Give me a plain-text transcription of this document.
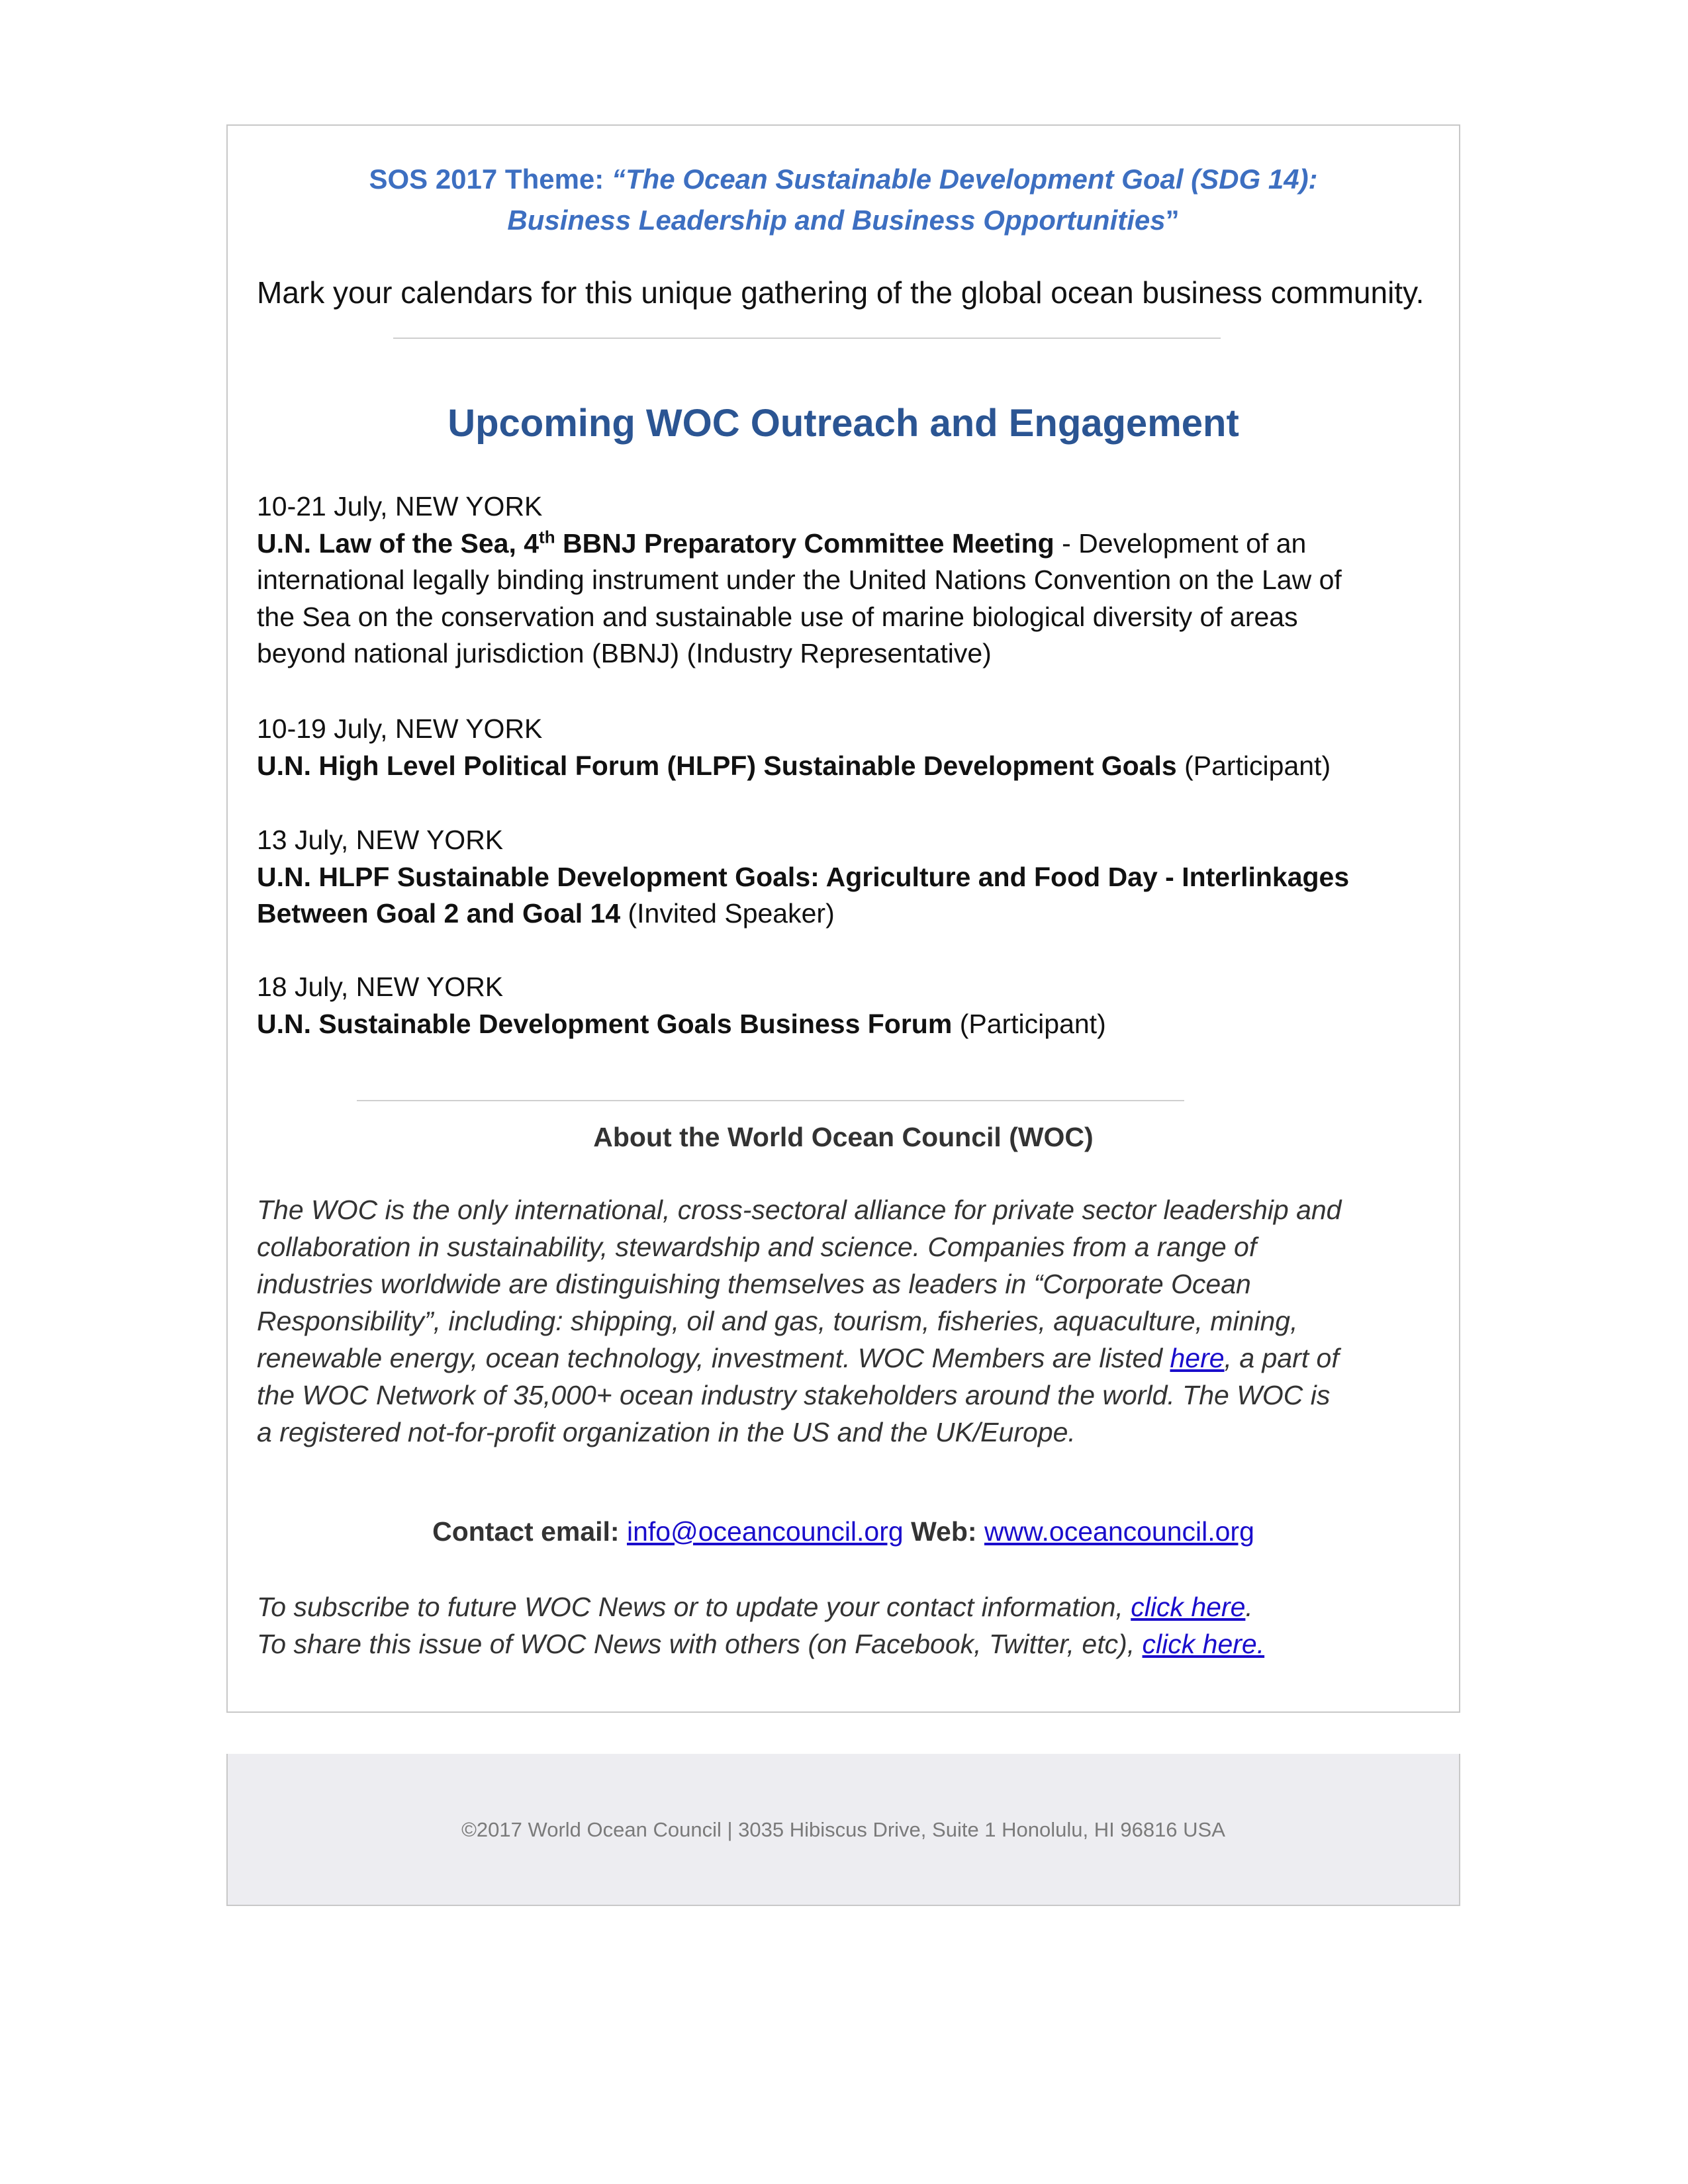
SOS 2017 Theme: “The Ocean Sustainable Development Goal (SDG 14):
Business Leadership and Business Opportunities”
Mark your calendars for this unique gathering of the global ocean business community.
Upcoming WOC Outreach and Engagement
10-21 July, NEW YORK
U.N. Law of the Sea, 4th BBNJ Preparatory Committee Meeting - Development of an international legally binding instrument under the United Nations Convention on the Law of the Sea on the conservation and sustainable use of marine biological diversity of areas beyond national jurisdiction (BBNJ) (Industry Representative)
10-19 July, NEW YORK
U.N. High Level Political Forum (HLPF) Sustainable Development Goals (Participant)
13 July, NEW YORK
U.N. HLPF Sustainable Development Goals: Agriculture and Food Day - Interlinkages Between Goal 2 and Goal 14 (Invited Speaker)
18 July, NEW YORK
U.N. Sustainable Development Goals Business Forum (Participant)
About the World Ocean Council (WOC)
The WOC is the only international, cross-sectoral alliance for private sector leadership and collaboration in sustainability, stewardship and science. Companies from a range of industries worldwide are distinguishing themselves as leaders in “Corporate Ocean Responsibility”, including: shipping, oil and gas, tourism, fisheries, aquaculture, mining, renewable energy, ocean technology, investment. WOC Members are listed here, a part of the WOC Network of 35,000+ ocean industry stakeholders around the world. The WOC is a registered not-for-profit organization in the US and the UK/Europe.
Contact email: info@oceancouncil.org Web: www.oceancouncil.org
To subscribe to future WOC News or to update your contact information, click here.
To share this issue of WOC News with others (on Facebook, Twitter, etc), click here.
©2017 World Ocean Council | 3035 Hibiscus Drive, Suite 1 Honolulu, HI 96816 USA
